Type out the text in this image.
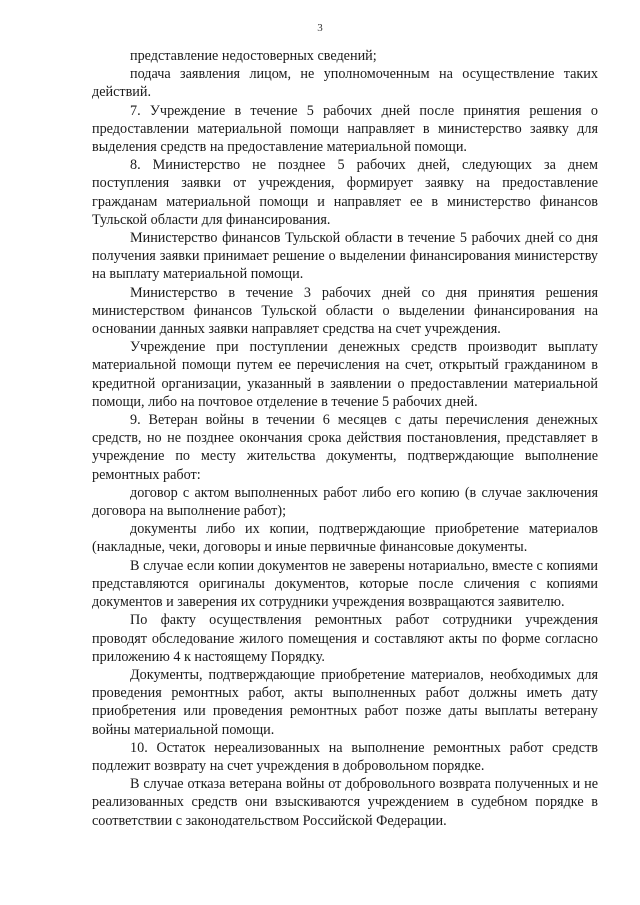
3

представление недостоверных сведений;

подача заявления лицом, не уполномоченным на осуществление таких действий.

7. Учреждение в течение 5 рабочих дней после принятия решения о предоставлении материальной помощи направляет в министерство заявку для выделения средств на предоставление материальной помощи.

8. Министерство не позднее 5 рабочих дней, следующих за днем поступления заявки от учреждения, формирует заявку на предоставление гражданам материальной помощи и направляет ее в министерство финансов Тульской области для финансирования.

Министерство финансов Тульской области в течение 5 рабочих дней со дня получения заявки принимает решение о выделении финансирования министерству на выплату материальной помощи.

Министерство в течение 3 рабочих дней со дня принятия решения министерством финансов Тульской области о выделении финансирования на основании данных заявки направляет средства на счет учреждения.

Учреждение при поступлении денежных средств производит выплату материальной помощи путем ее перечисления на счет, открытый гражданином в кредитной организации, указанный в заявлении о предоставлении материальной помощи, либо на почтовое отделение в течение 5 рабочих дней.

9. Ветеран войны в течении 6 месяцев с даты перечисления денежных средств, но не позднее окончания срока действия постановления, представляет в учреждение по месту жительства документы, подтверждающие выполнение ремонтных работ:

договор с актом выполненных работ либо его копию (в случае заключения договора на выполнение работ);

документы либо их копии, подтверждающие приобретение материалов (накладные, чеки, договоры и иные первичные финансовые документы.

В случае если копии документов не заверены нотариально, вместе с копиями представляются оригиналы документов, которые после сличения с копиями документов и заверения их сотрудники учреждения возвращаются заявителю.

По факту осуществления ремонтных работ сотрудники учреждения проводят обследование жилого помещения и составляют акты по форме согласно приложению 4 к настоящему Порядку.

Документы, подтверждающие приобретение материалов, необходимых для проведения ремонтных работ, акты выполненных работ должны иметь дату приобретения или проведения ремонтных работ позже даты выплаты ветерану войны материальной помощи.

10. Остаток нереализованных на выполнение ремонтных работ средств подлежит возврату на счет учреждения в добровольном порядке.

В случае отказа ветерана войны от добровольного возврата полученных и не реализованных средств они взыскиваются учреждением в судебном порядке в соответствии с законодательством Российской Федерации.
